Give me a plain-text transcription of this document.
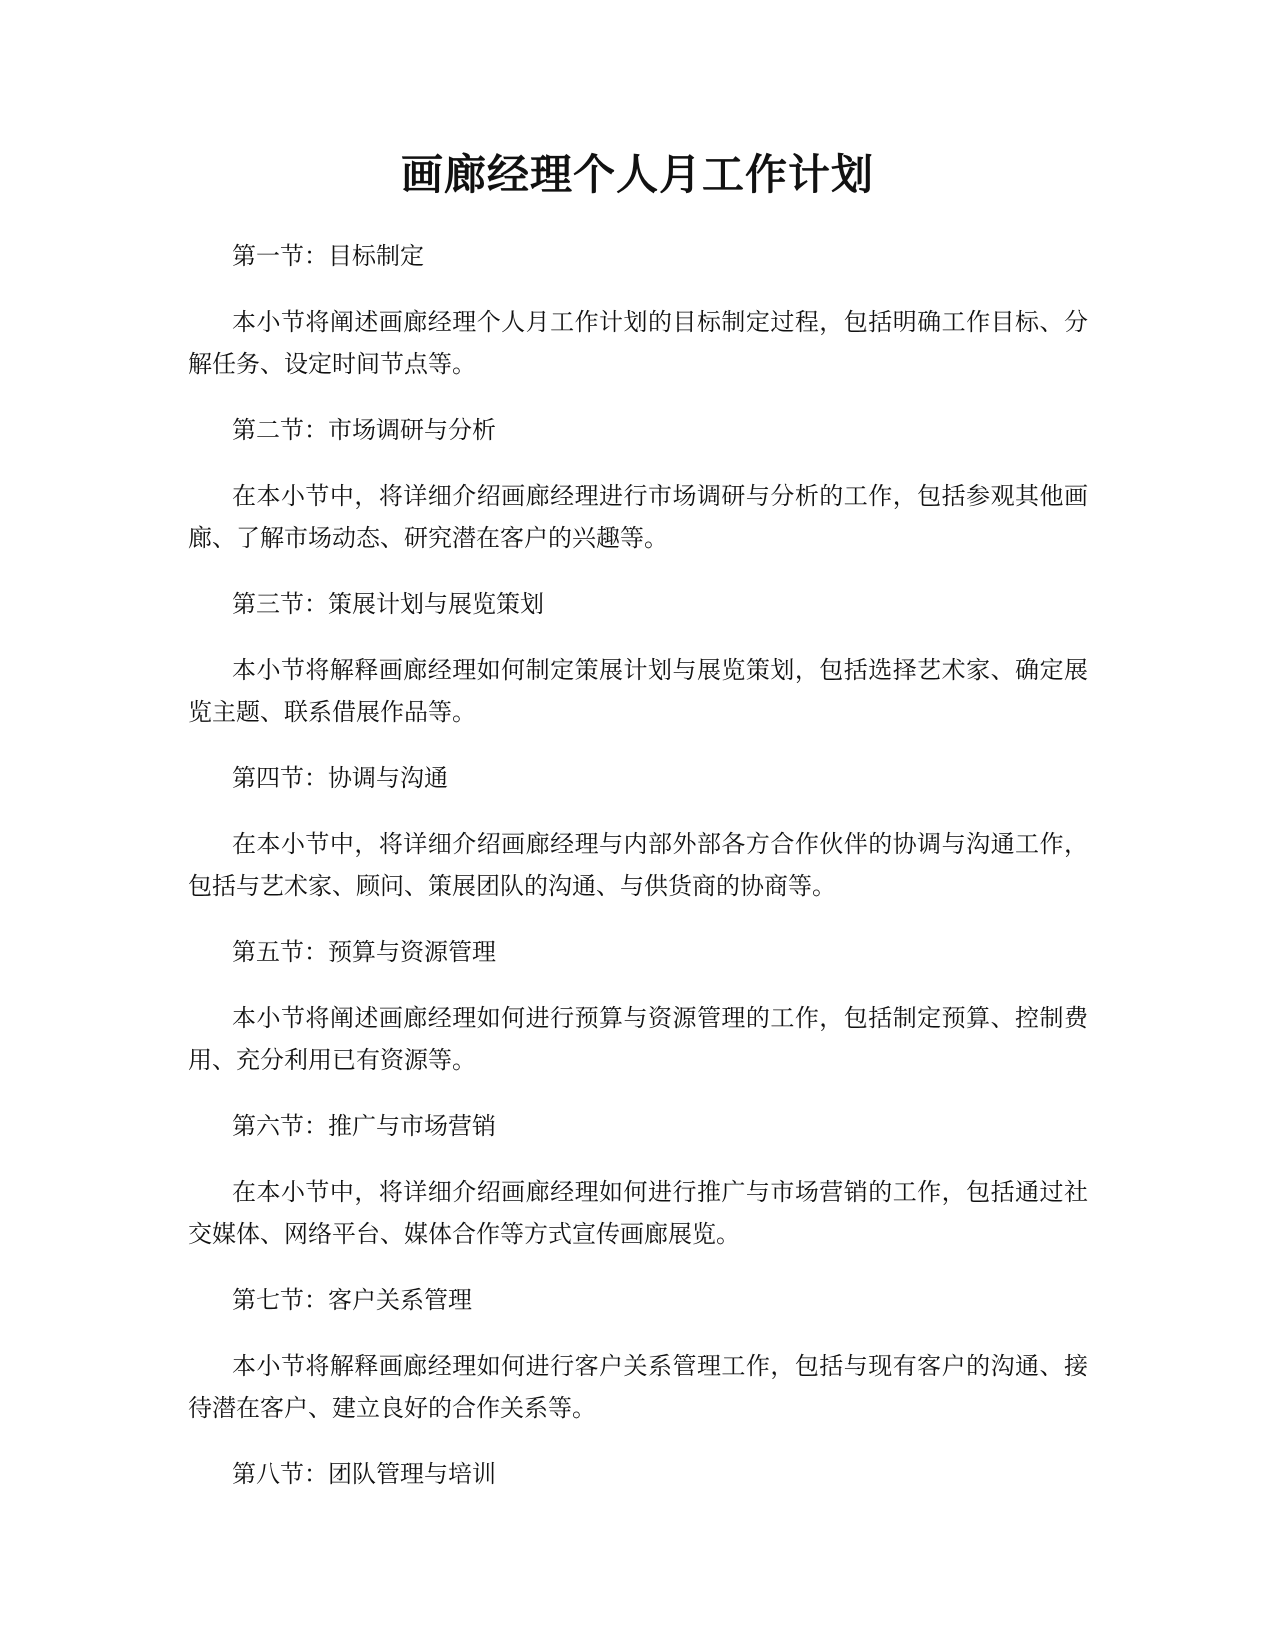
画廊经理个人月工作计划

第一节：目标制定

本小节将阐述画廊经理个人月工作计划的目标制定过程，包括明确工作目标、分解任务、设定时间节点等。

第二节：市场调研与分析

在本小节中，将详细介绍画廊经理进行市场调研与分析的工作，包括参观其他画廊、了解市场动态、研究潜在客户的兴趣等。

第三节：策展计划与展览策划

本小节将解释画廊经理如何制定策展计划与展览策划，包括选择艺术家、确定展览主题、联系借展作品等。

第四节：协调与沟通

在本小节中，将详细介绍画廊经理与内部外部各方合作伙伴的协调与沟通工作，包括与艺术家、顾问、策展团队的沟通、与供货商的协商等。

第五节：预算与资源管理

本小节将阐述画廊经理如何进行预算与资源管理的工作，包括制定预算、控制费用、充分利用已有资源等。

第六节：推广与市场营销

在本小节中，将详细介绍画廊经理如何进行推广与市场营销的工作，包括通过社交媒体、网络平台、媒体合作等方式宣传画廊展览。

第七节：客户关系管理

本小节将解释画廊经理如何进行客户关系管理工作，包括与现有客户的沟通、接待潜在客户、建立良好的合作关系等。

第八节：团队管理与培训
